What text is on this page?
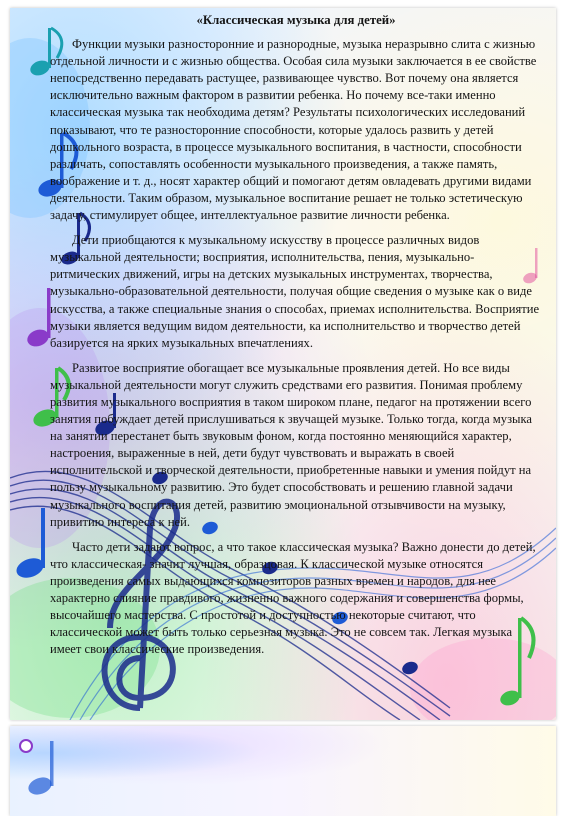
«Классическая музыка для детей»

Функции музыки разносторонние и разнородные, музыка неразрывно слита с жизнью отдельной личности и с жизнью общества. Особая сила музыки заключается в ее свойстве непосредственно передавать растущее, развивающее чувство. Вот почему она является исключительно важным фактором в развитии ребенка. Но почему все-таки именно классическая музыка так необходима детям? Результаты психологических исследований показывают, что те разносторонние способности, которые удалось развить у детей дошкольного возраста, в процессе музыкального воспитания, в частности, способности различать, сопоставлять особенности музыкального произведения, а также память, воображение и т. д., носят характер общий и помогают детям овладевать другими видами деятельности. Таким образом, музыкальное воспитание решает не только эстетическую задачу, стимулирует общее, интеллектуальное развитие личности ребенка.

Дети приобщаются к музыкальному искусству в процессе различных видов музыкальной деятельности; восприятия, исполнительства, пения, музыкально-ритмических движений, игры на детских музыкальных инструментах, творчества, музыкально-образовательной деятельности, получая общие сведения о музыке как о виде искусства, а также специальные знания о способах, приемах исполнительства. Восприятие музыки является ведущим видом деятельности, ка исполнительство и творчество детей базируется на ярких музыкальных впечатлениях.

Развитое восприятие обогащает все музыкальные проявления детей. Но все виды музыкальной деятельности могут служить средствами его развития. Понимая проблему развития музыкального восприятия в таком широком плане, педагог на протяжении всего занятия побуждает детей прислушиваться к звучащей музыке. Только тогда, когда музыка на занятии перестанет быть звуковым фоном, когда постоянно меняющийся характер, настроения, выраженные в ней, дети будут чувствовать и выражать в своей исполнительской и творческой деятельности, приобретенные навыки и умения пойдут на пользу музыкальному развитию. Это будет способствовать и решению главной задачи музыкального воспитания детей, развитию эмоциональной отзывчивости на музыку, привитию интереса к ней.

Часто дети задают вопрос, а что такое классическая музыка? Важно донести до детей, что классическая- значит лучшая, образцовая. К классической музыке относятся произведения самых выдающихся композиторов разных времен и народов, для нее характерно слияние правдивого, жизненно важного содержания и совершенства формы, высочайшего мастерства. С простотой и доступностью некоторые считают, что классической может быть только серьезная музыка. Это не совсем так. Легкая музыка имеет свои классические произведения.
